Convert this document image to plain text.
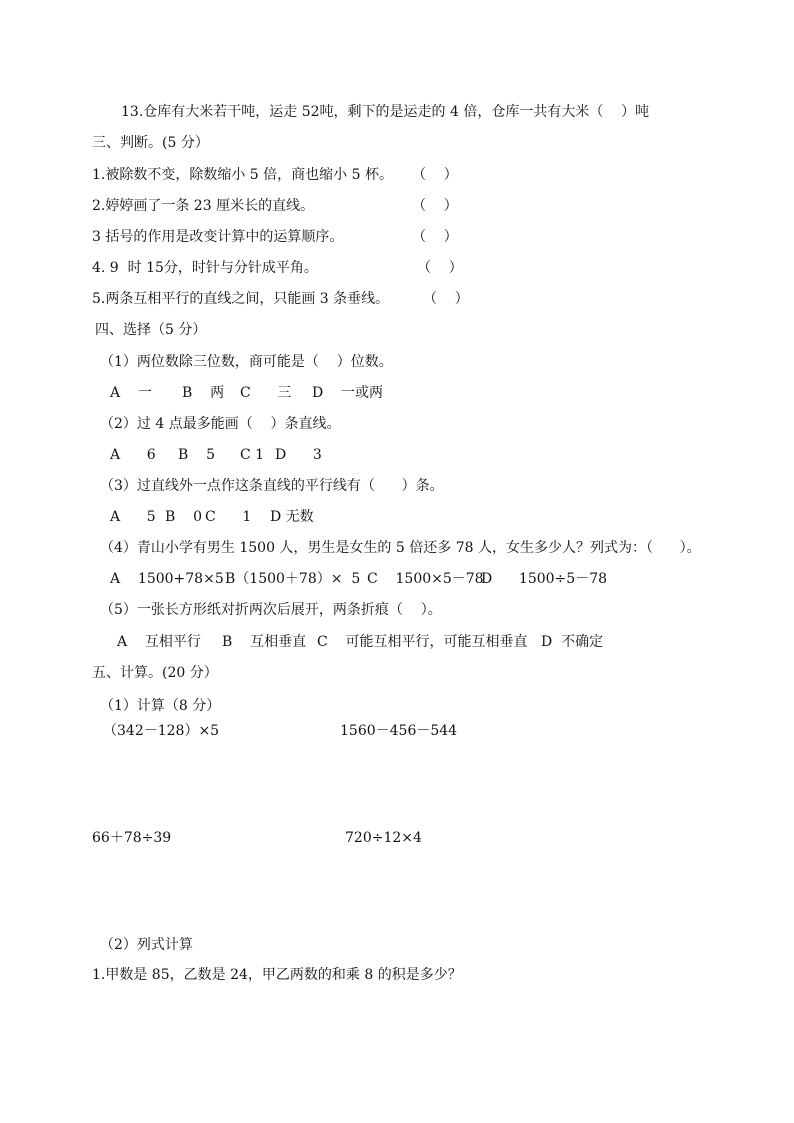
13.仓库有大米若干吨，运走 52吨，剩下的是运走的 4 倍，仓库一共有大米（    ）吨
三、判断。(5 分）
1.被除数不变，除数缩小 5 倍，商也缩小 5 杯。 （    ）
2.婷婷画了一条 23 厘米长的直线。	（    ）
3 括号的作用是改变计算中的运算顺序。	（    ）
4. 9  时 15分，时针与分针成平角。	（    ）
5.两条互相平行的直线之间，只能画 3 条垂线。 （    ）
四、选择（5 分）
（1）两位数除三位数，商可能是（    ）位数。
A    一 B    两 C      三 D    一或两
（2）过 4 点最多能画（    ）条直线。
A      6 B    5 C 1 D      3
（3）过直线外一点作这条直线的平行线有（      ）条。
A      5 B    0 C      1 D 无数
（4）青山小学有男生 1500 人，男生是女生的 5 倍还多 78 人，女生多少人？列式为：（      ）。
A    1500+78×5 B（1500＋78）×  5 C    1500×5－78
D      1500÷5－78
（5）一张长方形纸对折两次后展开，两条折痕（    ）。
A    互相平行 B    互相垂直 C    可能互相平行，可能互相垂直 D  不确定
五、计算。(20 分）
（1）计算（8 分）
（342－128）×5	1560－456－544
66＋78÷39	720÷12×4
（2）列式计算
1.甲数是 85，乙数是 24，甲乙两数的和乘 8 的积是多少？
